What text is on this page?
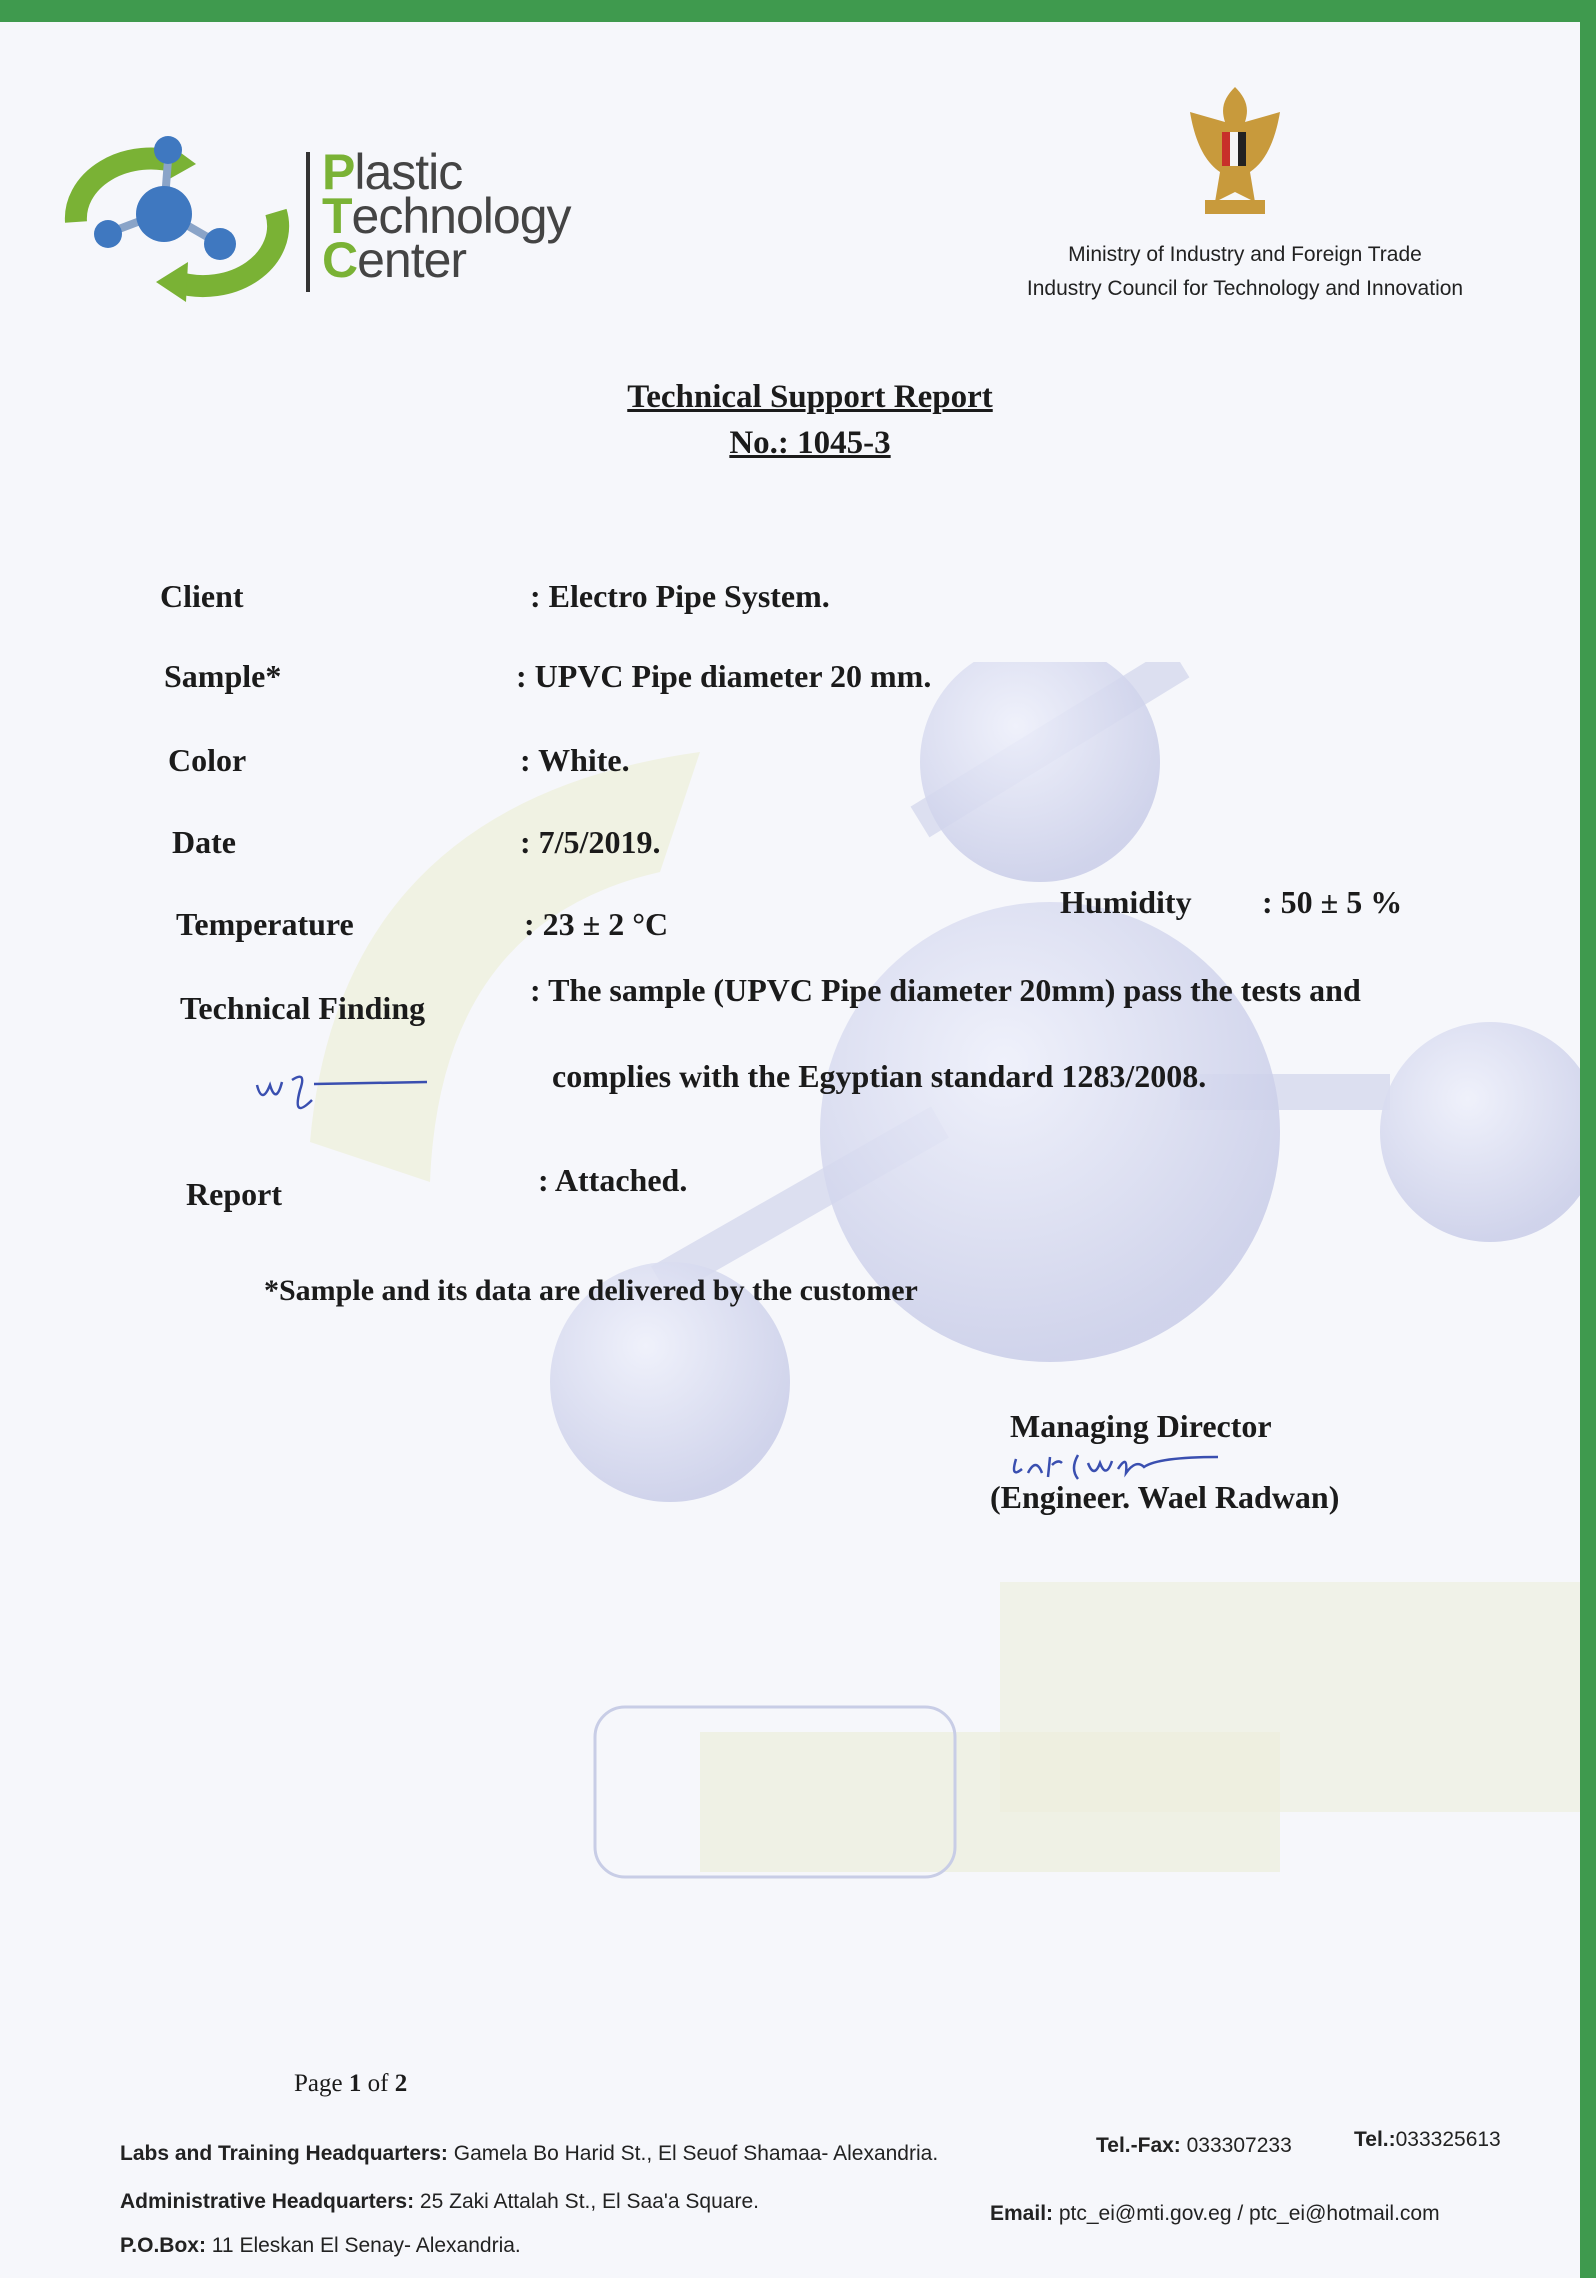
Plastic
Technology
Center	Ministry of Industry and Foreign Trade
Industry Council for Technology and Innovation
Technical Support Report
No.: 1045-3
Client	: Electro Pipe System.
Sample*	: UPVC Pipe diameter 20 mm.
Color	: White.
Date	: 7/5/2019.
Temperature	: 23 ± 2 °C
Humidity : 50 ± 5 %
Technical Finding	: The sample (UPVC Pipe diameter 20mm) pass the tests and
complies with the Egyptian standard 1283/2008.
Report	: Attached.
*Sample and its data are delivered by the customer
Managing Director
(Engineer. Wael Radwan)
Page 1 of 2
Labs and Training Headquarters: Gamela Bo Harid St., El Seuof Shamaa- Alexandria.	Tel.-Fax: 033307233	Tel.:033325613
Administrative Headquarters: 25 Zaki Attalah St., El Saa'a Square.
P.O.Box: 11 Eleskan El Senay- Alexandria.
Email: ptc_ei@mti.gov.eg / ptc_ei@hotmail.com
